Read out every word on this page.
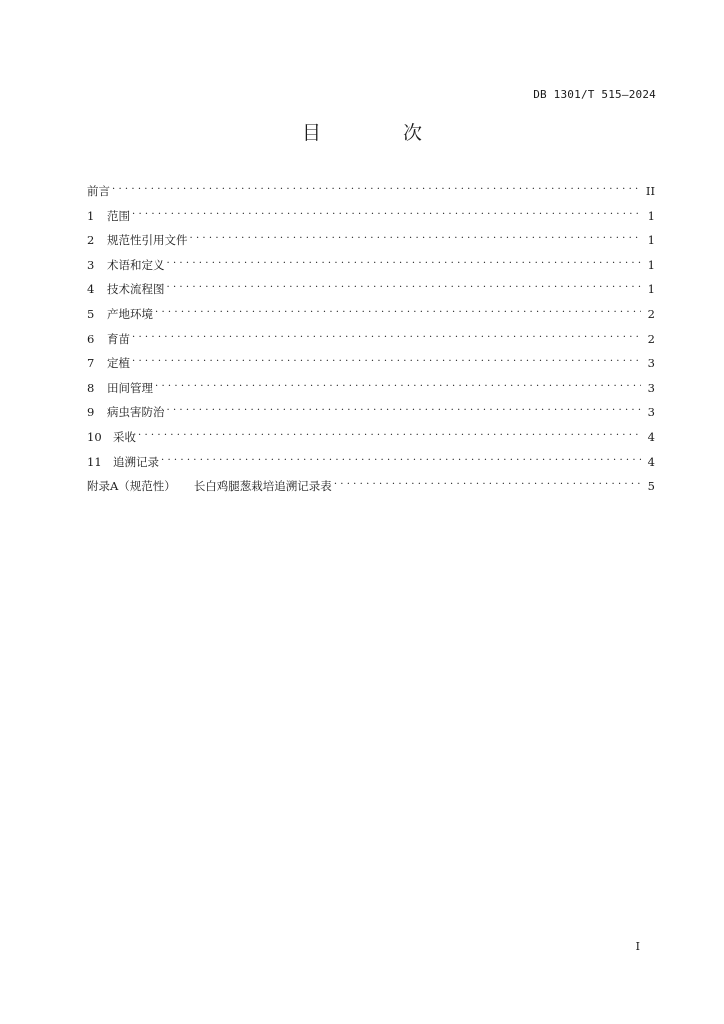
DB 1301/T 515—2024
目 次
前言 . . .	II
1	范围 . . .	1
2	规范性引用文件 . . .	1
3	术语和定义 . . .	1
4	技术流程图 . . .	1
5	产地环境 . . .	2
6	育苗 . . .	2
7	定植 . . .	3
8	田间管理 . . .	3
9	病虫害防治 . . .	3
10 采收 . . .	4
11 追溯记录 . . .	4
附录A（规范性） 长白鸡腿葱栽培追溯记录表 . . .	5
I
